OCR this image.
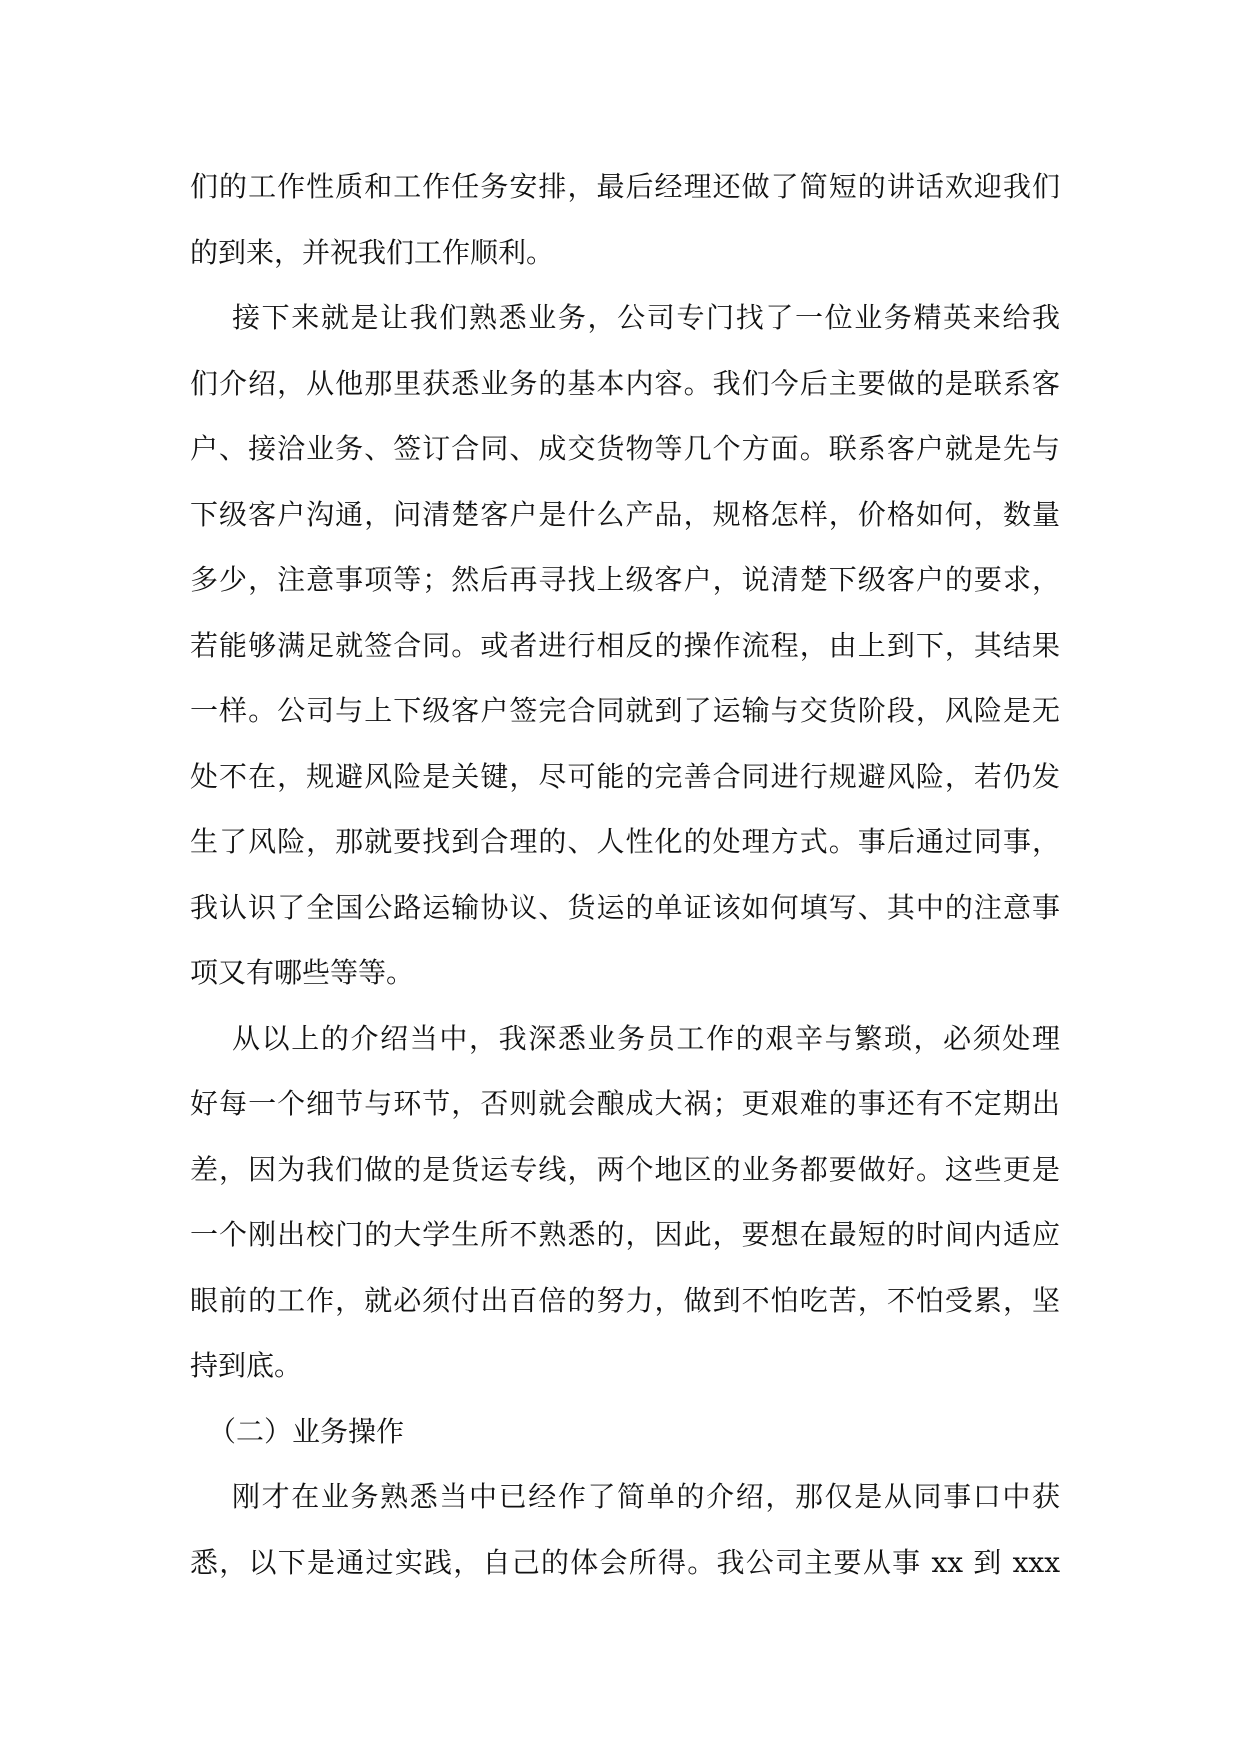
们的工作性质和工作任务安排，最后经理还做了简短的讲话欢迎我们
的到来，并祝我们工作顺利。
接下来就是让我们熟悉业务，公司专门找了一位业务精英来给我
们介绍，从他那里获悉业务的基本内容。我们今后主要做的是联系客
户、接洽业务、签订合同、成交货物等几个方面。联系客户就是先与
下级客户沟通，问清楚客户是什么产品，规格怎样，价格如何，数量
多少，注意事项等；然后再寻找上级客户，说清楚下级客户的要求，
若能够满足就签合同。或者进行相反的操作流程，由上到下，其结果
一样。公司与上下级客户签完合同就到了运输与交货阶段，风险是无
处不在，规避风险是关键，尽可能的完善合同进行规避风险，若仍发
生了风险，那就要找到合理的、人性化的处理方式。事后通过同事，
我认识了全国公路运输协议、货运的单证该如何填写、其中的注意事
项又有哪些等等。
从以上的介绍当中，我深悉业务员工作的艰辛与繁琐，必须处理
好每一个细节与环节，否则就会酿成大祸；更艰难的事还有不定期出
差，因为我们做的是货运专线，两个地区的业务都要做好。这些更是
一个刚出校门的大学生所不熟悉的，因此，要想在最短的时间内适应
眼前的工作，就必须付出百倍的努力，做到不怕吃苦，不怕受累，坚
持到底。
（二）业务操作
刚才在业务熟悉当中已经作了简单的介绍，那仅是从同事口中获
悉，以下是通过实践，自己的体会所得。我公司主要从事 xx 到 xxx
